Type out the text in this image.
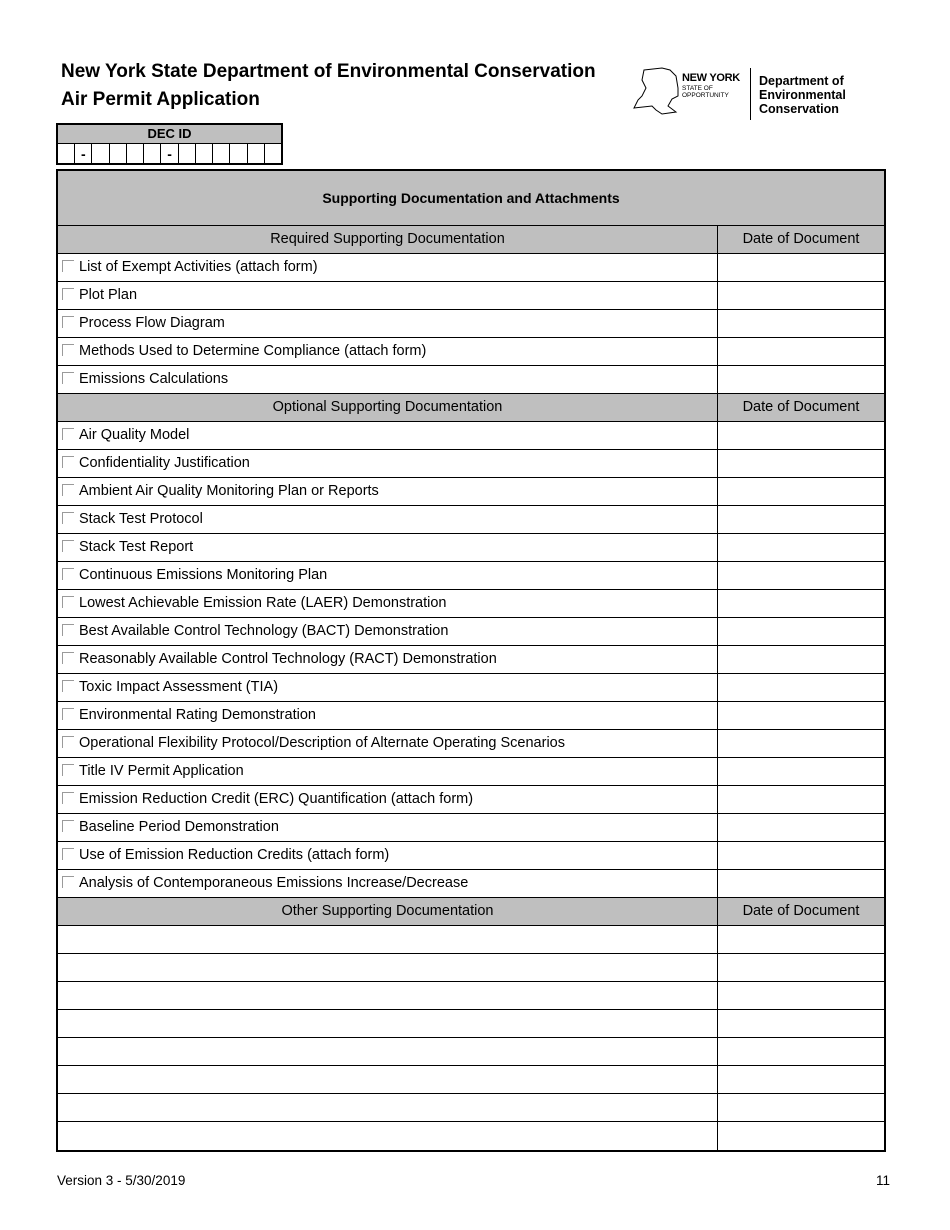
New York State Department of Environmental Conservation
Air Permit Application
NEW YORK
STATE OF
OPPORTUNITY
Department of
Environmental
Conservation
DEC ID
-	-
Supporting Documentation and Attachments
Required Supporting Documentation	Date of Document
List of Exempt Activities (attach form)
Plot Plan
Process Flow Diagram
Methods Used to Determine Compliance (attach form)
Emissions Calculations
Optional Supporting Documentation	Date of Document
Air Quality Model
Confidentiality Justification
Ambient Air Quality Monitoring Plan or Reports
Stack Test Protocol
Stack Test Report
Continuous Emissions Monitoring Plan
Lowest Achievable Emission Rate (LAER) Demonstration
Best Available Control Technology (BACT) Demonstration
Reasonably Available Control Technology (RACT) Demonstration
Toxic Impact Assessment (TIA)
Environmental Rating Demonstration
Operational Flexibility Protocol/Description of Alternate Operating Scenarios
Title IV Permit Application
Emission Reduction Credit (ERC) Quantification (attach form)
Baseline Period Demonstration
Use of Emission Reduction Credits (attach form)
Analysis of Contemporaneous Emissions Increase/Decrease
Other Supporting Documentation	Date of Document
Version 3 - 5/30/2019	11
